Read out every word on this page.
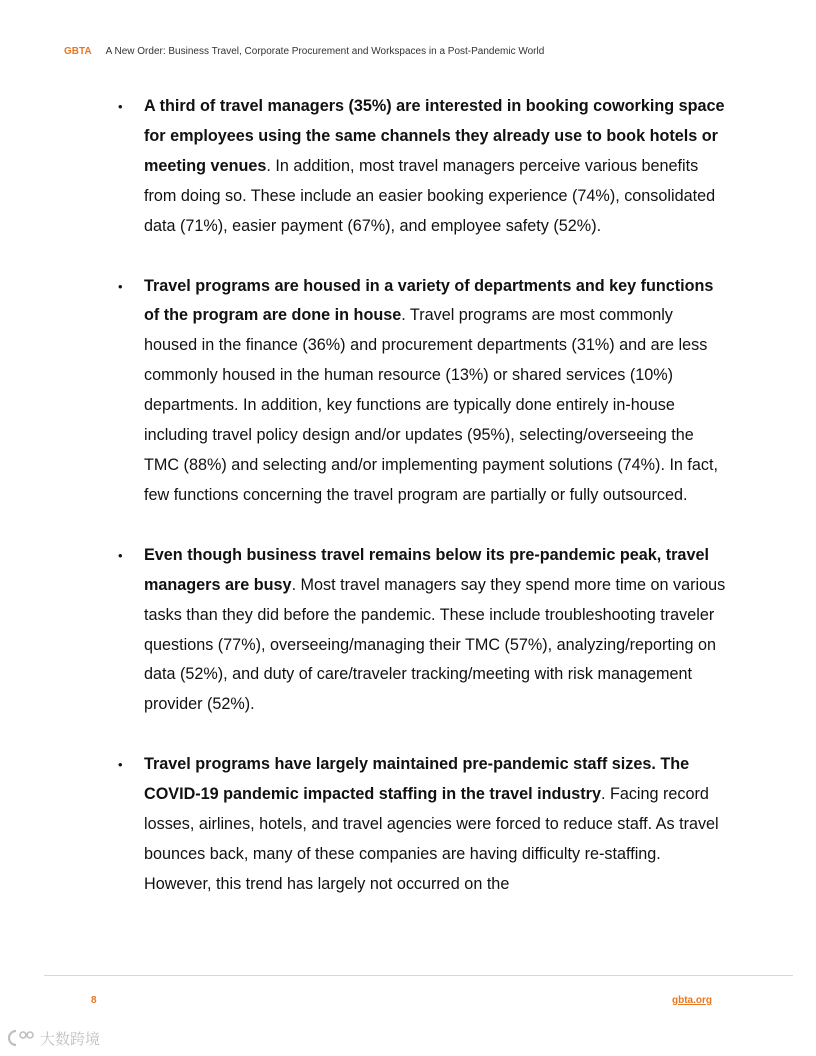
GBTA A New Order: Business Travel, Corporate Procurement and Workspaces in a Post-Pandemic World
•	A third of travel managers (35%) are interested in booking coworking space for employees using the same channels they already use to book hotels or meeting venues. In addition, most travel managers perceive various benefits from doing so. These include an easier booking experience (74%), consolidated data (71%), easier payment (67%), and employee safety (52%).
•	Travel programs are housed in a variety of departments and key functions of the program are done in house. Travel programs are most commonly housed in the finance (36%) and procurement departments (31%) and are less commonly housed in the human resource (13%) or shared services (10%) departments. In addition, key functions are typically done entirely in-house including travel policy design and/or updates (95%), selecting/overseeing the TMC (88%) and selecting and/or implementing payment solutions (74%). In fact, few functions concerning the travel program are partially or fully outsourced.
•	Even though business travel remains below its pre-pandemic peak, travel managers are busy. Most travel managers say they spend more time on various tasks than they did before the pandemic. These include troubleshooting traveler questions (77%), overseeing/managing their TMC (57%), analyzing/reporting on data (52%), and duty of care/traveler tracking/meeting with risk management provider (52%).
•	Travel programs have largely maintained pre-pandemic staff sizes. The COVID-19 pandemic impacted staffing in the travel industry. Facing record losses, airlines, hotels, and travel agencies were forced to reduce staff. As travel bounces back, many of these companies are having difficulty re-staffing. However, this trend has largely not occurred on the
8	gbta.org
大数跨境
